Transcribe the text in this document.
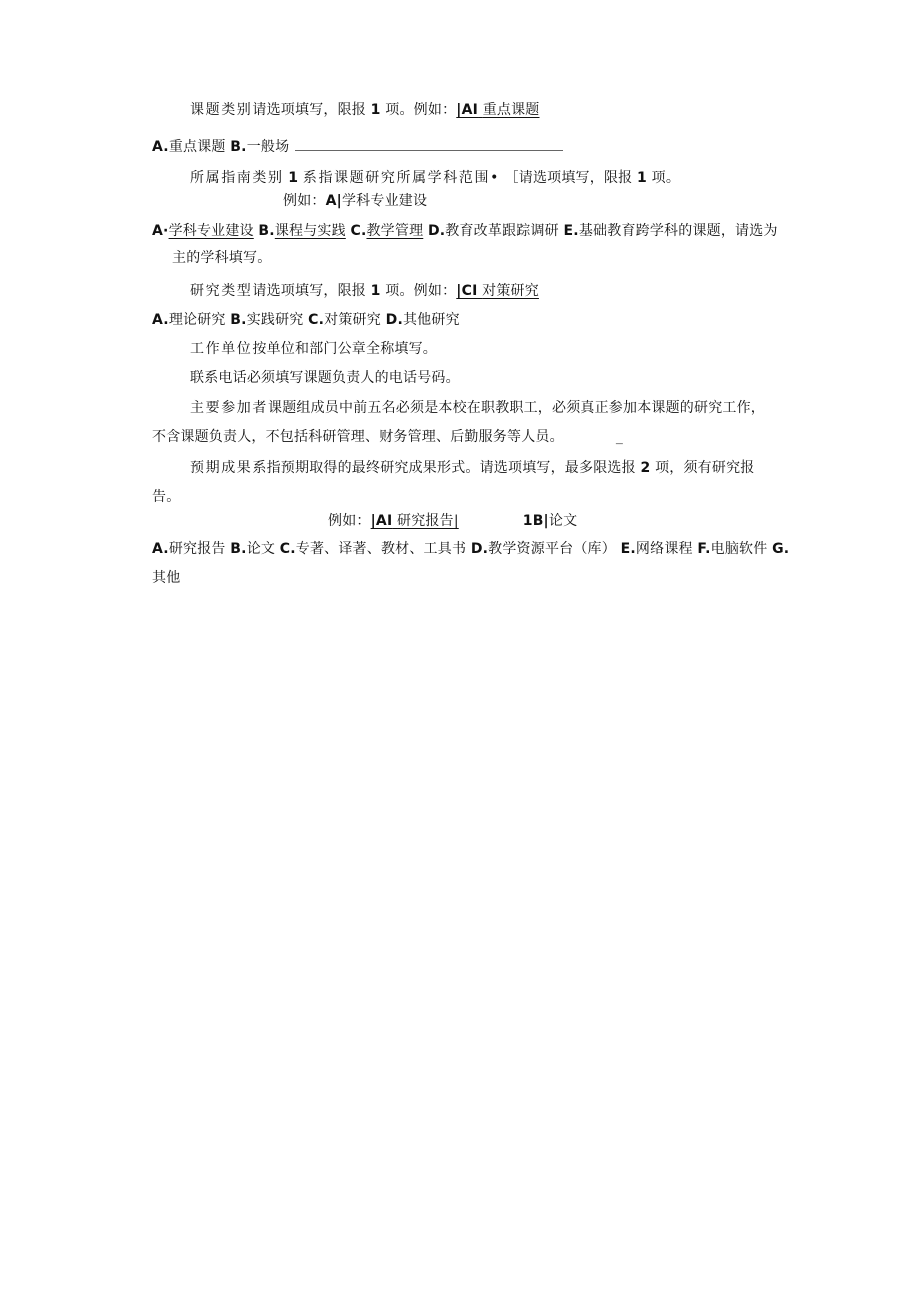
课题类别请选项填写，限报 1 项。例如：|AI 重点课题
A.重点课题 B.一般场
所属指南类别 1 系指课题研究所属学科范围• ［请选项填写，限报 1 项。
例如：A|学科专业建设
A·学科专业建设 B.课程与实践 C.教学管理 D.教育改革跟踪调研 E.基础教育跨学科的课题，请选为
主的学科填写。
研究类型请选项填写，限报 1 项。例如：|CI 对策研究
A.理论研究 B.实践研究 C.对策研究 D.其他研究
工作单位按单位和部门公章全称填写。
联系电话必须填写课题负责人的电话号码。
主要参加者课题组成员中前五名必须是本校在职教职工，必须真正参加本课题的研究工作，
不含课题负责人，不包括科研管理、财务管理、后勤服务等人员。	_
预期成果系指预期取得的最终研究成果形式。请选项填写，最多限选报 2 项，须有研究报
告。
例如：|AI 研究报告|	1B|论文
A.研究报告 B.论文 C.专著、译著、教材、工具书 D.教学资源平台（库） E.网络课程 F.电脑软件 G.
其他
